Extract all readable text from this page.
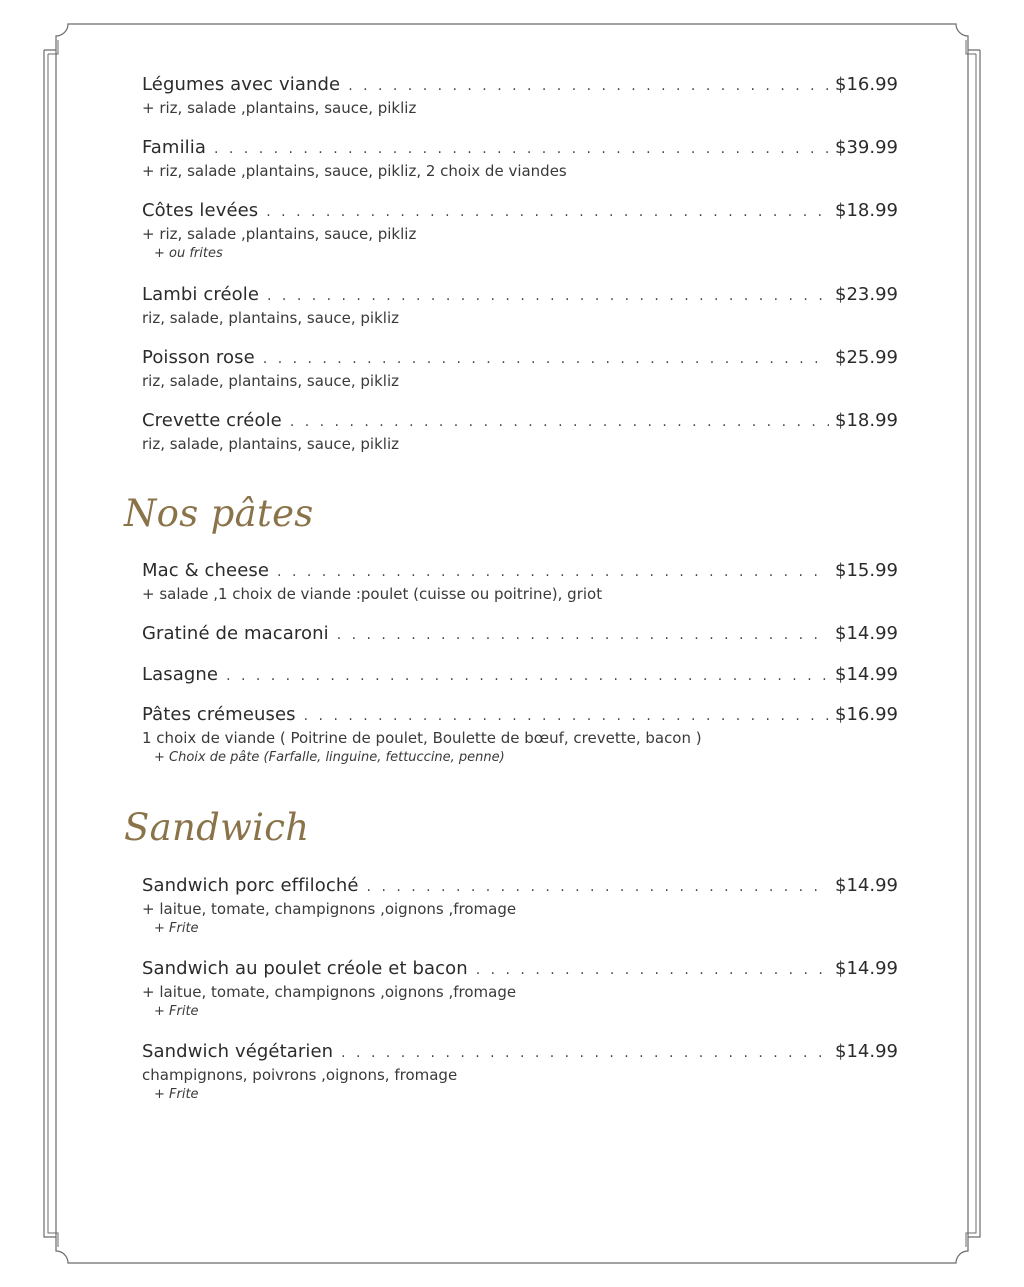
Légumes avec viande . . .	$16.99
+ riz, salade ,plantains, sauce, pikliz
Familia . . .	$39.99
+ riz, salade ,plantains, sauce, pikliz, 2 choix de viandes
Côtes levées . . .	$18.99
+ riz, salade ,plantains, sauce, pikliz
+ ou frites
Lambi créole . . .	$23.99
riz, salade, plantains, sauce, pikliz
Poisson rose . . .	$25.99
riz, salade, plantains, sauce, pikliz
Crevette créole . . .	$18.99
riz, salade, plantains, sauce, pikliz
Nos pâtes
Mac & cheese . . .	$15.99
+ salade ,1 choix de viande :poulet (cuisse ou poitrine), griot
Gratiné de macaroni . . .	$14.99
Lasagne . . .	$14.99
Pâtes crémeuses . . .	$16.99
1 choix de viande ( Poitrine de poulet, Boulette de bœuf, crevette, bacon )
+ Choix de pâte (Farfalle, linguine, fettuccine, penne)
Sandwich
Sandwich porc effiloché . . .	$14.99
+ laitue, tomate, champignons ,oignons ,fromage
+ Frite
Sandwich au poulet créole et bacon . . .	$14.99
+ laitue, tomate, champignons ,oignons ,fromage
+ Frite
Sandwich végétarien . . .	$14.99
champignons, poivrons ,oignons, fromage
+ Frite
